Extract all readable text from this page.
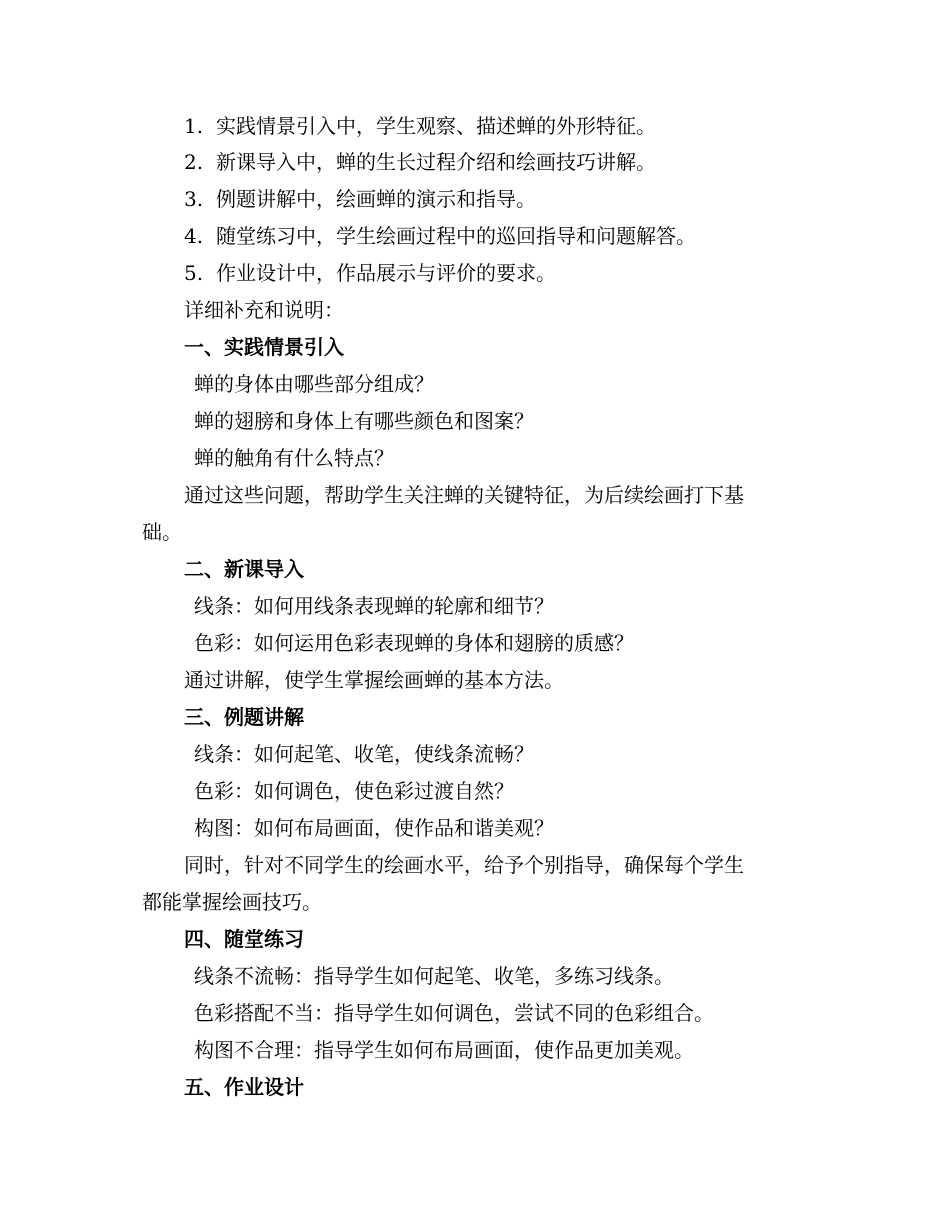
1. 实践情景引入中，学生观察、描述蝉的外形特征。
2. 新课导入中，蝉的生长过程介绍和绘画技巧讲解。
3. 例题讲解中，绘画蝉的演示和指导。
4. 随堂练习中，学生绘画过程中的巡回指导和问题解答。
5. 作业设计中，作品展示与评价的要求。
详细补充和说明：
一、实践情景引入
蝉的身体由哪些部分组成？
蝉的翅膀和身体上有哪些颜色和图案？
蝉的触角有什么特点？
通过这些问题，帮助学生关注蝉的关键特征，为后续绘画打下基
础。
二、新课导入
线条：如何用线条表现蝉的轮廓和细节？
色彩：如何运用色彩表现蝉的身体和翅膀的质感？
通过讲解，使学生掌握绘画蝉的基本方法。
三、例题讲解
线条：如何起笔、收笔，使线条流畅？
色彩：如何调色，使色彩过渡自然？
构图：如何布局画面，使作品和谐美观？
同时，针对不同学生的绘画水平，给予个别指导，确保每个学生
都能掌握绘画技巧。
四、随堂练习
线条不流畅：指导学生如何起笔、收笔，多练习线条。
色彩搭配不当：指导学生如何调色，尝试不同的色彩组合。
构图不合理：指导学生如何布局画面，使作品更加美观。
五、作业设计
